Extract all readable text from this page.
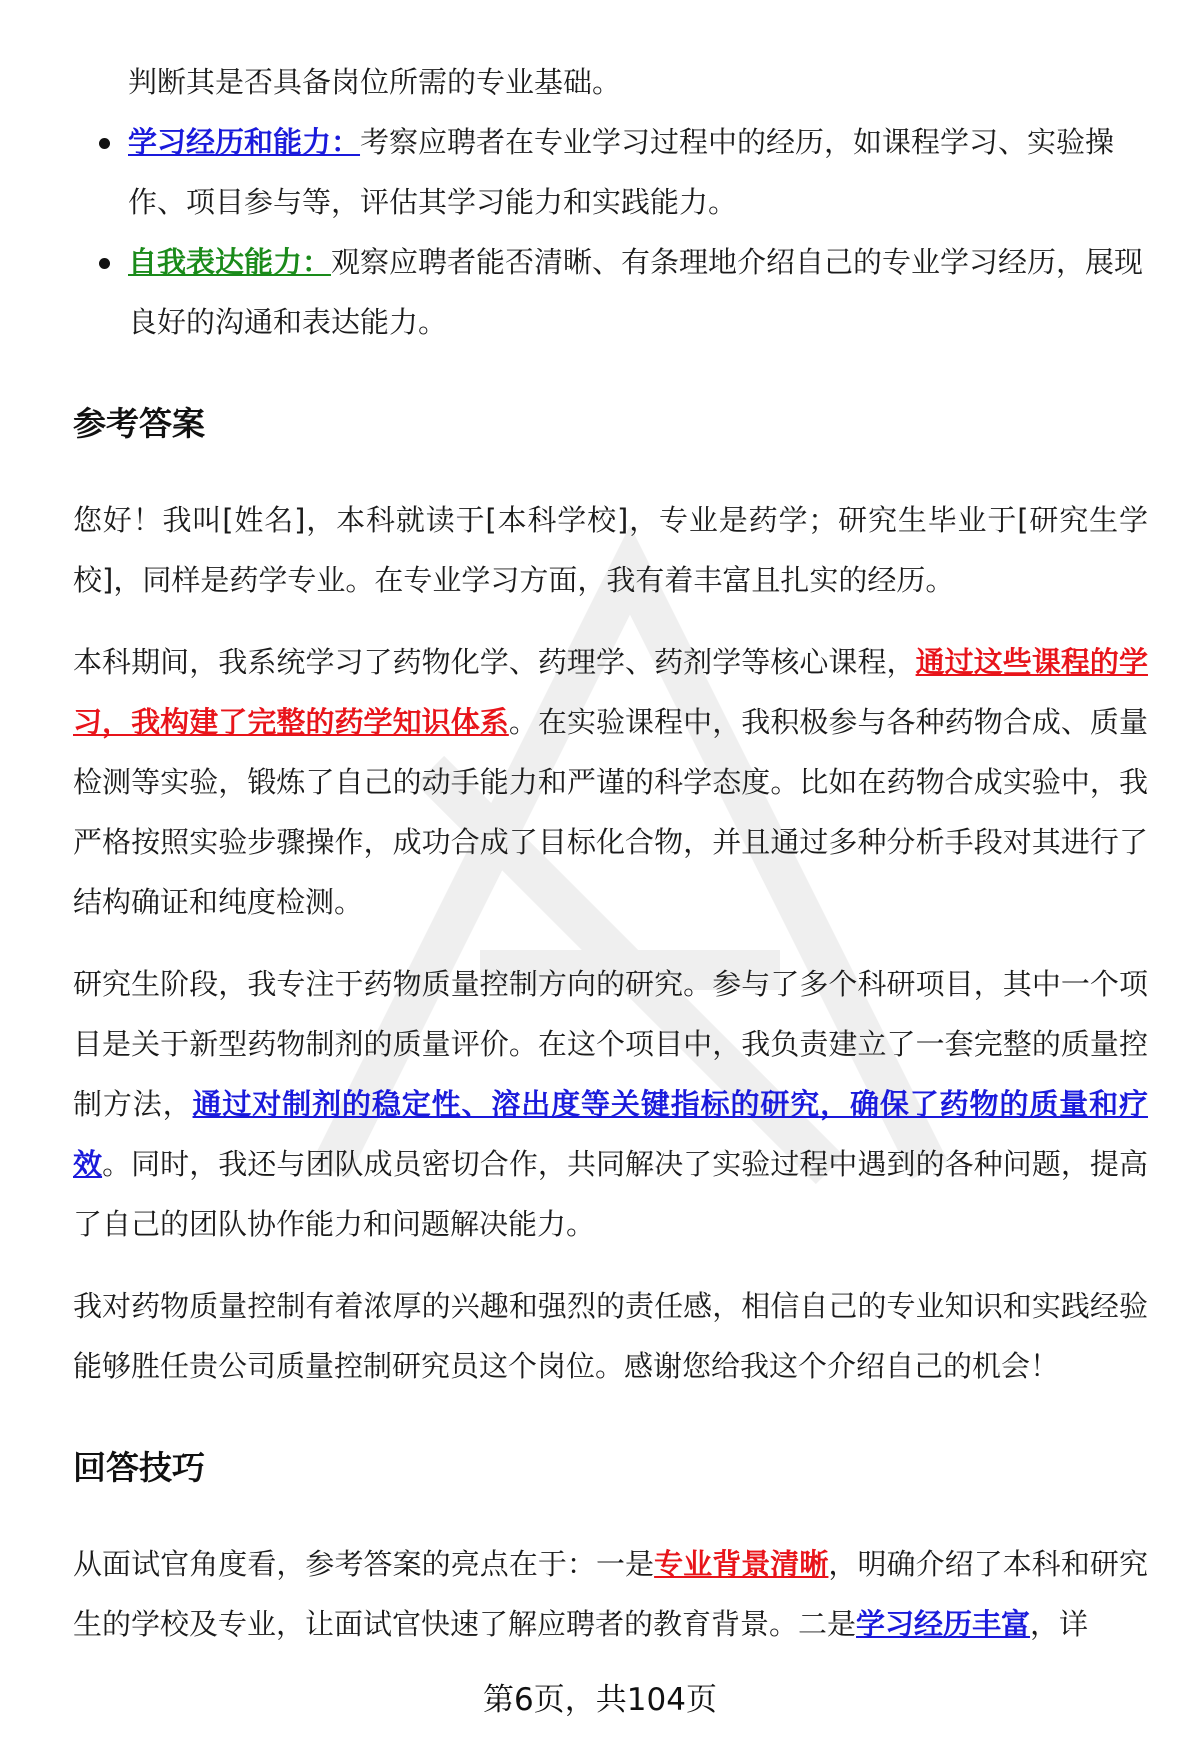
判断其是否具备岗位所需的专业基础。
学习经历和能力：考察应聘者在专业学习过程中的经历，如课程学习、实验操作、项目参与等，评估其学习能力和实践能力。
自我表达能力：观察应聘者能否清晰、有条理地介绍自己的专业学习经历，展现良好的沟通和表达能力。
参考答案

您好！我叫[姓名]，本科就读于[本科学校]，专业是药学；研究生毕业于[研究生学校]，同样是药学专业。在专业学习方面，我有着丰富且扎实的经历。

本科期间，我系统学习了药物化学、药理学、药剂学等核心课程，通过这些课程的学习，我构建了完整的药学知识体系。在实验课程中，我积极参与各种药物合成、质量检测等实验，锻炼了自己的动手能力和严谨的科学态度。比如在药物合成实验中，我严格按照实验步骤操作，成功合成了目标化合物，并且通过多种分析手段对其进行了结构确证和纯度检测。

研究生阶段，我专注于药物质量控制方向的研究。参与了多个科研项目，其中一个项目是关于新型药物制剂的质量评价。在这个项目中，我负责建立了一套完整的质量控制方法，通过对制剂的稳定性、溶出度等关键指标的研究，确保了药物的质量和疗效。同时，我还与团队成员密切合作，共同解决了实验过程中遇到的各种问题，提高了自己的团队协作能力和问题解决能力。

我对药物质量控制有着浓厚的兴趣和强烈的责任感，相信自己的专业知识和实践经验能够胜任贵公司质量控制研究员这个岗位。感谢您给我这个介绍自己的机会！

回答技巧

从面试官角度看，参考答案的亮点在于：一是专业背景清晰，明确介绍了本科和研究生的学校及专业，让面试官快速了解应聘者的教育背景。二是学习经历丰富，详

第6页，共104页
